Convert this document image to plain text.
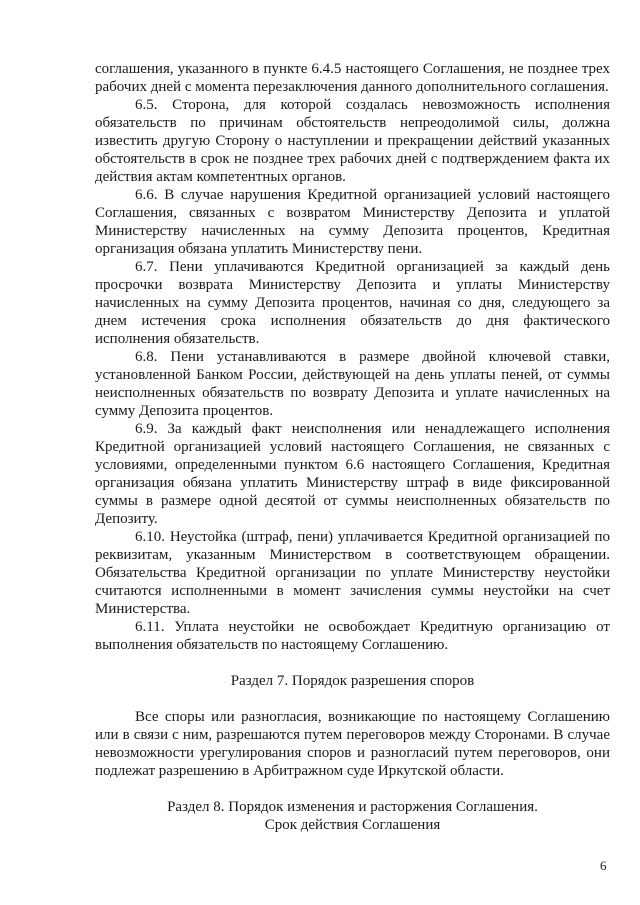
соглашения, указанного в пункте 6.4.5 настоящего Соглашения, не позднее трех рабочих дней с момента перезаключения данного дополнительного соглашения.

6.5. Сторона, для которой создалась невозможность исполнения обязательств по причинам обстоятельств непреодолимой силы, должна известить другую Сторону о наступлении и прекращении действий указанных обстоятельств в срок не позднее трех рабочих дней с подтверждением факта их действия актам компетентных органов.

6.6. В случае нарушения Кредитной организацией условий настоящего Соглашения, связанных с возвратом Министерству Депозита и уплатой Министерству начисленных на сумму Депозита процентов, Кредитная организация обязана уплатить Министерству пени.

6.7. Пени уплачиваются Кредитной организацией за каждый день просрочки возврата Министерству Депозита и уплаты Министерству начисленных на сумму Депозита процентов, начиная со дня, следующего за днем истечения срока исполнения обязательств до дня фактического исполнения обязательств.

6.8. Пени устанавливаются в размере двойной ключевой ставки, установленной Банком России, действующей на день уплаты пеней, от суммы неисполненных обязательств по возврату Депозита и уплате начисленных на сумму Депозита процентов.

6.9. За каждый факт неисполнения или ненадлежащего исполнения Кредитной организацией условий настоящего Соглашения, не связанных с условиями, определенными пунктом 6.6 настоящего Соглашения, Кредитная организация обязана уплатить Министерству штраф в виде фиксированной суммы в размере одной десятой от суммы неисполненных обязательств по Депозиту.

6.10. Неустойка (штраф, пени) уплачивается Кредитной организацией по реквизитам, указанным Министерством в соответствующем обращении. Обязательства Кредитной организации по уплате Министерству неустойки считаются исполненными в момент зачисления суммы неустойки на счет Министерства.

6.11. Уплата неустойки не освобождает Кредитную организацию от выполнения обязательств по настоящему Соглашению.

Раздел 7. Порядок разрешения споров

Все споры или разногласия, возникающие по настоящему Соглашению или в связи с ним, разрешаются путем переговоров между Сторонами. В случае невозможности урегулирования споров и разногласий путем переговоров, они подлежат разрешению в Арбитражном суде Иркутской области.

Раздел 8. Порядок изменения и расторжения Соглашения.

Срок действия Соглашения

6
